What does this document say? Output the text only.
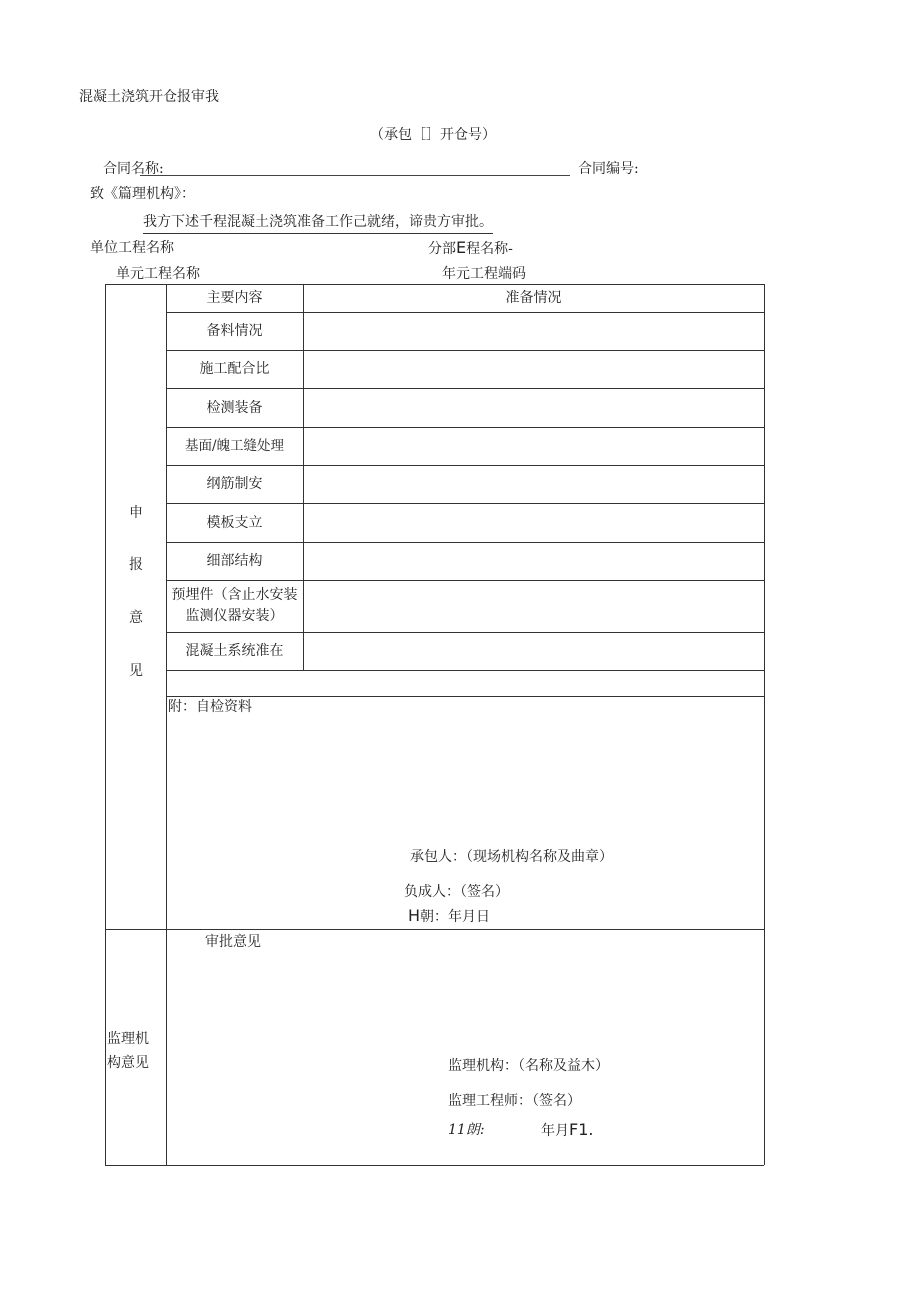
混凝土浇筑开仓报审我
（承包［］开仓号）
合同名称:	合同编号:
致《篇理机构》：
我方下述千程混凝土浇筑准备工作己就绪，谛贵方审批。
单位工程名称	分部E程名称-
单元工程名称	年元工程端码
主要内容	准备情况
备料情况
施工配合比
检测装备
基面/魄工缝处理
纲筋制安
模板支立
细部结构
预埋件（含止水安装监测仪器安装）
混凝土系统准在
申
报
意
见
附：自检资料
承包人：（现场机构名称及曲章）
负成人：（签名）
H朝：年月日
审批意见
监理机
构意见	监理机构：（名称及益木）
监理工程师：（签名）
11朗:	年月F1.
